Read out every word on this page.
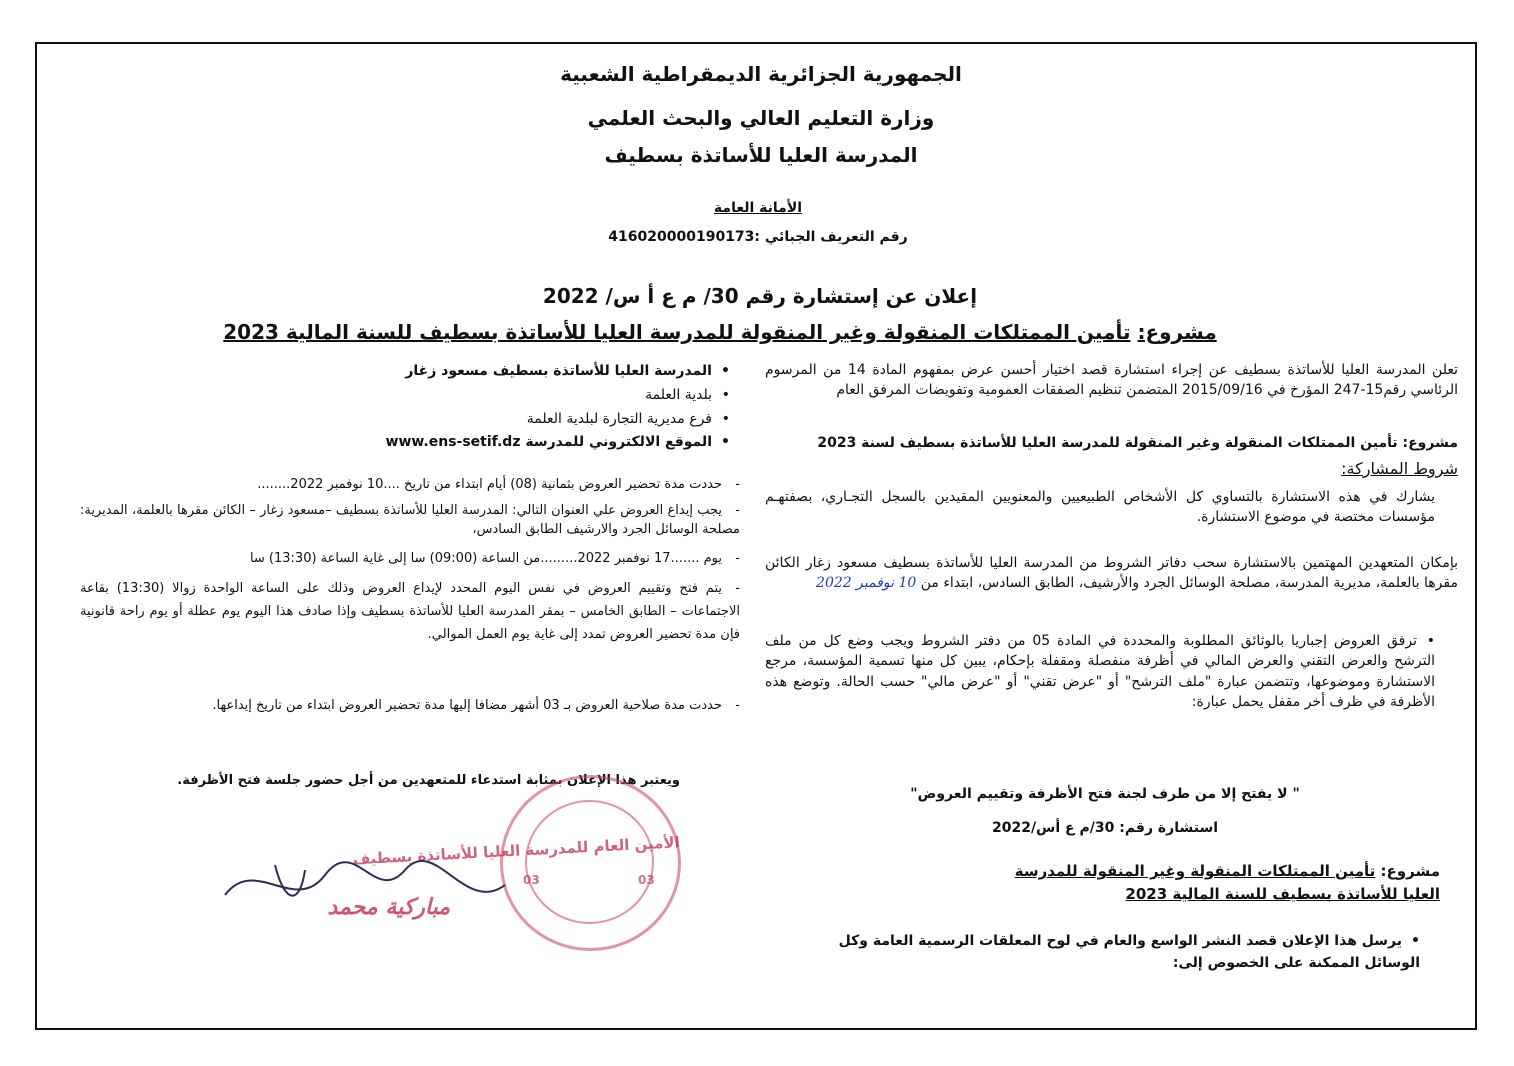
الجمهورية الجزائرية الديمقراطية الشعبية
وزارة التعليم العالي والبحث العلمي
المدرسة العليا للأساتذة بسطيف
الأمانة العامة
رقم التعريف الجبائي :416020000190173
إعلان عن إستشارة رقم 30/ م ع أ س/ 2022
مشروع: تأمين الممتلكات المنقولة وغير المنقولة للمدرسة العليا للأساتذة بسطيف للسنة المالية 2023
تعلن المدرسة العليا للأساتذة بسطيف عن إجراء استشارة قصد اختيار أحسن عرض بمفهوم المادة 14 من المرسوم الرئاسي رقم15-247 المؤرخ في 2015/09/16 المتضمن تنظيم الصفقات العمومية وتفويضات المرفق العام
مشروع: تأمين الممتلكات المنقولة وغير المنقولة للمدرسة العليا للأساتذة بسطيف لسنة 2023
شروط المشاركة:
يشارك في هذه الاستشارة بالتساوي كل الأشخاص الطبيعيين والمعنويين المقيدين بالسجل التجـاري، بصفتهـم مؤسسات مختصة في موضوع الاستشارة.
بإمكان المتعهدين المهتمين بالاستشارة سحب دفاتر الشروط من المدرسة العليا للأساتذة بسطيف مسعود زغار الكائن مقرها بالعلمة، مديرية المدرسة، مصلحة الوسائل الجرد والأرشيف، الطابق السادس، ابتداء من 10 نوفمبر 2022
• ترفق العروض إجباريا بالوثائق المطلوبة والمحددة في المادة 05 من دفتر الشروط ويجب وضع كل من ملف الترشح والعرض التقني والعرض المالي في أظرفة منفصلة ومقفلة بإحكام، يبين كل منها تسمية المؤسسة، مرجع الاستشارة وموضوعها، وتتضمن عبارة "ملف الترشح" أو "عرض تقني" أو "عرض مالي" حسب الحالة. وتوضع هذه الأظرفة في ظرف أخر مقفل يحمل عبارة:
" لا يفتح إلا من طرف لجنة فتح الأظرفة وتقييم العروض"
استشارة رقم: 30/م ع أس/2022
مشروع: تأمين الممتلكات المنقولة وغير المنقولة للمدرسة العليا للأساتذة بسطيف للسنة المالية 2023
• يرسل هذا الإعلان قصد النشر الواسع والعام في لوح المعلقات الرسمية العامة وكل الوسائل الممكنة على الخصوص إلى:
• المدرسة العليا للأساتذة بسطيف مسعود زغار
• بلدية العلمة
• فرع مديرية التجارة لبلدية العلمة
• الموقع الالكتروني للمدرسة www.ens-setif.dz
- حددت مدة تحضير العروض بثمانية (08) أيام ابتداء من تاريخ ....10 نوفمبر 2022........
- يجب إيداع العروض علي العنوان التالي: المدرسة العليا للأساتذة بسطيف –مسعود زغار – الكائن مقرها بالعلمة، المديرية: مصلحة الوسائل الجرد والارشيف الطابق السادس،
- يوم .......17 نوفمبر 2022.........من الساعة (09:00) سا إلى غاية الساعة (13:30) سا
- يتم فتح وتقييم العروض في نفس اليوم المحدد لإيداع العروض وذلك على الساعة الواحدة زوالا (13:30) بقاعة الاجتماعات – الطابق الخامس – بمقر المدرسة العليا للأساتذة بسطيف وإذا صادف هذا اليوم يوم عطلة أو يوم راحة قانونية فإن مدة تحضير العروض تمدد إلى غاية يوم العمل الموالي.
- حددت مدة صلاحية العروض بـ 03 أشهر مضافا إليها مدة تحضير العروض ابتداء من تاريخ إيداعها.
ويعتبر هذا الإعلان بمثابة استدعاء للمتعهدين من أجل حضور جلسة فتح الأظرفة.
03	03
الأمين العام للمدرسة العليا للأساتذة بسطيف
مباركية محمد
